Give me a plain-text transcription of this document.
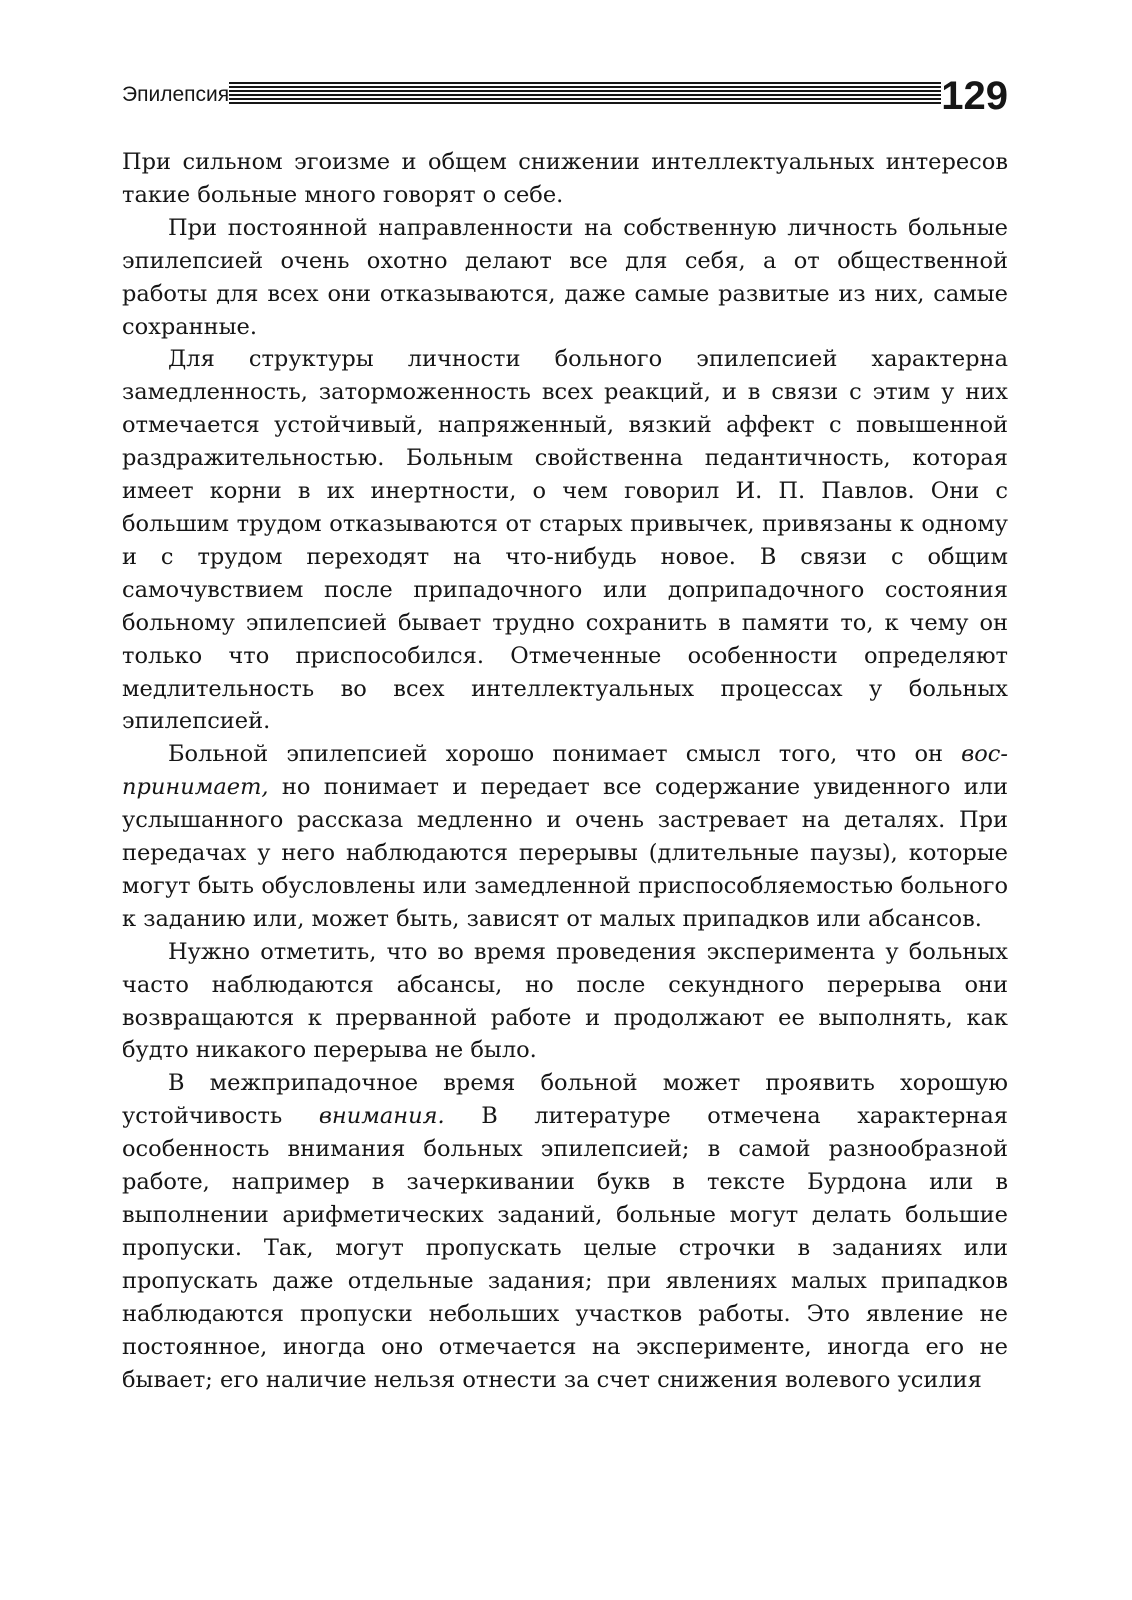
Эпилепсия	129

При сильном эгоизме и общем снижении интеллектуальных интересов такие больные много говорят о себе.

При постоянной направленности на собственную личность больные эпилепсией очень охотно делают все для себя, а от общественной работы для всех они отказываются, даже самые развитые из них, самые сохранные.

Для структуры личности больного эпилепсией характерна замедленность, заторможенность всех реакций, и в связи с этим у них отмечается устойчивый, напряженный, вязкий аффект с повышенной раздражительностью. Больным свойственна педантичность, которая имеет корни в их инертности, о чем говорил И. П. Павлов. Они с большим трудом отказываются от старых привычек, привязаны к одному и с трудом переходят на что-нибудь новое. В связи с общим самочувствием после припадочного или доприпадочного состояния больному эпилепсией бывает трудно сохранить в памяти то, к чему он только что приспособился. Отмеченные особенности определяют медлительность во всех интеллектуальных процессах у больных эпилепсией.

Больной эпилепсией хорошо понимает смысл того, что он воспринимает, но понимает и передает все содержание увиденного или услышанного рассказа медленно и очень застревает на деталях. При передачах у него наблюдаются перерывы (длительные паузы), которые могут быть обусловлены или замедленной приспособляемостью больного к заданию или, может быть, зависят от малых припадков или абсансов.

Нужно отметить, что во время проведения эксперимента у больных часто наблюдаются абсансы, но после секундного перерыва они возвращаются к прерванной работе и продолжают ее выполнять, как будто никакого перерыва не было.

В межприпадочное время больной может проявить хорошую устойчивость внимания. В литературе отмечена характерная особенность внимания больных эпилепсией; в самой разнообразной работе, например в зачеркивании букв в тексте Бурдона или в выполнении арифметических заданий, больные могут делать большие пропуски. Так, могут пропускать целые строчки в заданиях или пропускать даже отдельные задания; при явлениях малых припадков наблюдаются пропуски небольших участков работы. Это явление не постоянное, иногда оно отмечается на эксперименте, иногда его не бывает; его наличие нельзя отнести за счет снижения волевого усилия
